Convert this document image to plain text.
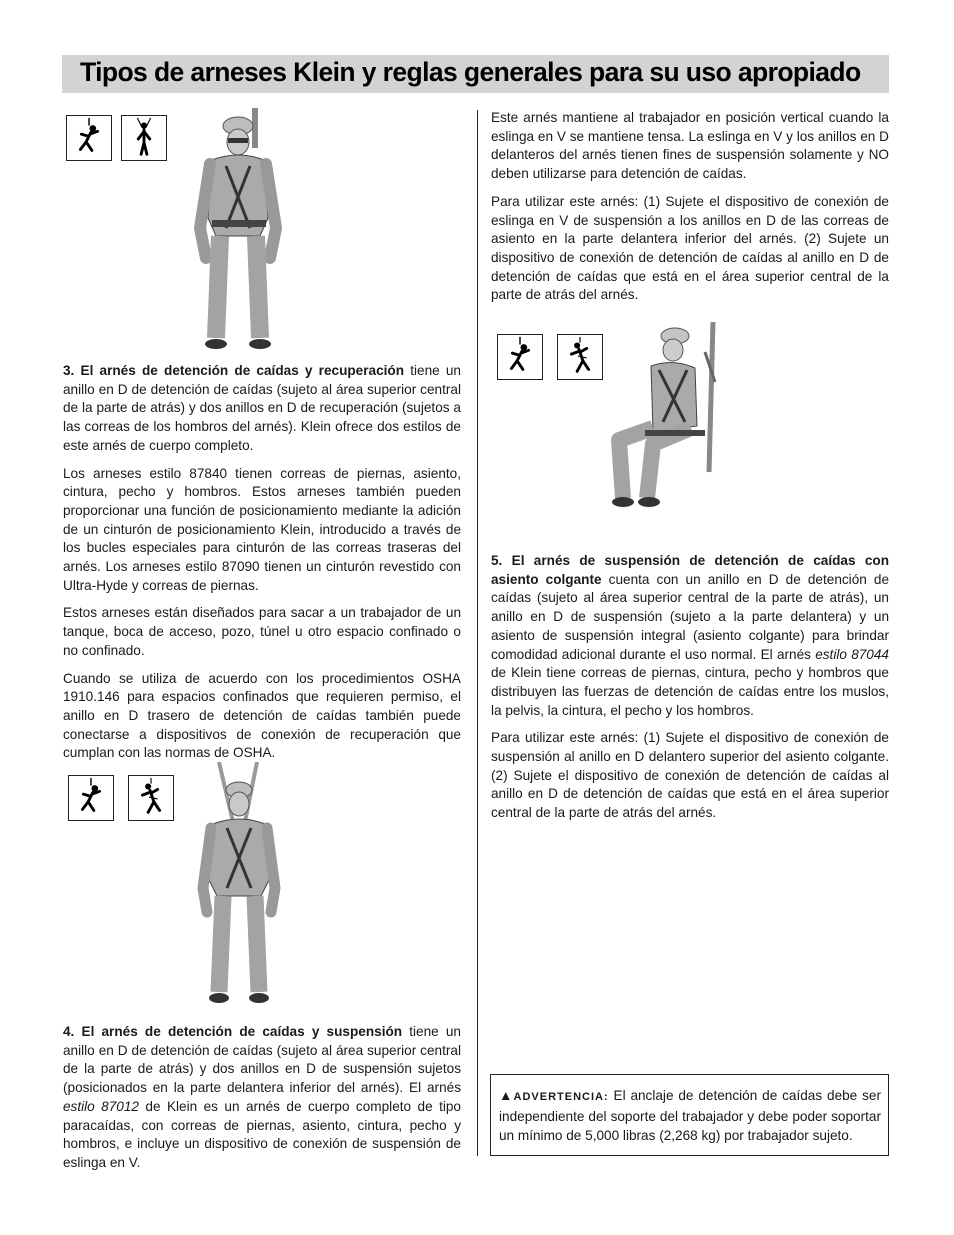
Tipos de arneses Klein y reglas generales para su uso apropiado

3. El arnés de detención de caídas y recuperación tiene un anillo en D de detención de caídas (sujeto al área superior central de la parte de atrás) y dos anillos en D de recuperación (sujetos a las correas de los hombros del arnés). Klein ofrece dos estilos de este arnés de cuerpo completo.

Los arneses estilo 87840 tienen correas de piernas, asiento, cintura, pecho y hombros. Estos arneses también pueden proporcionar una función de posicionamiento mediante la adición de un cinturón de posicionamiento Klein, introducido a través de los bucles especiales para cinturón de las correas traseras del arnés. Los arneses estilo 87090 tienen un cinturón revestido con Ultra-Hyde y correas de piernas.

Estos arneses están diseñados para sacar a un trabajador de un tanque, boca de acceso, pozo, túnel u otro espacio confinado o no confinado.

Cuando se utiliza de acuerdo con los procedimientos OSHA 1910.146 para espacios confinados que requieren permiso, el anillo en D trasero de detención de caídas también puede conectarse a dispositivos de conexión de recuperación que cumplan con las normas de OSHA.

4. El arnés de detención de caídas y suspensión tiene un anillo en D de detención de caídas (sujeto al área superior central de la parte de atrás) y dos anillos en D de suspensión sujetos (posicionados en la parte delantera inferior del arnés). El arnés estilo 87012 de Klein es un arnés de cuerpo completo de tipo paracaídas, con correas de piernas, asiento, cintura, pecho y hombros, e incluye un dispositivo de conexión de suspensión de eslinga en V.

Este arnés mantiene al trabajador en posición vertical cuando la eslinga en V se mantiene tensa. La eslinga en V y los anillos en D delanteros del arnés tienen fines de suspensión solamente y NO deben utilizarse para detención de caídas.

Para utilizar este arnés: (1) Sujete el dispositivo de conexión de eslinga en V de suspensión a los anillos en D de las correas de asiento en la parte delantera inferior del arnés. (2) Sujete un dispositivo de conexión de detención de caídas al anillo en D de detención de caídas que está en el área superior central de la parte de atrás del arnés.

5. El arnés de suspensión de detención de caídas con asiento colgante cuenta con un anillo en D de detención de caídas (sujeto al área superior central de la parte de atrás), un anillo en D de suspensión (sujeto a la parte delantera) y un asiento de suspensión integral (asiento colgante) para brindar comodidad adicional durante el uso normal. El arnés estilo 87044 de Klein tiene correas de piernas, cintura, pecho y hombros que distribuyen las fuerzas de detención de caídas entre los muslos, la pelvis, la cintura, el pecho y los hombros.

Para utilizar este arnés: (1) Sujete el dispositivo de conexión de suspensión al anillo en D delantero superior del asiento colgante. (2) Sujete el dispositivo de conexión de detención de caídas al anillo en D de detención de caídas que está en el área superior central de la parte de atrás del arnés.

▲ADVERTENCIA: El anclaje de detención de caídas debe ser independiente del soporte del trabajador y debe poder soportar un mínimo de 5,000 libras (2,268 kg) por trabajador sujeto.
